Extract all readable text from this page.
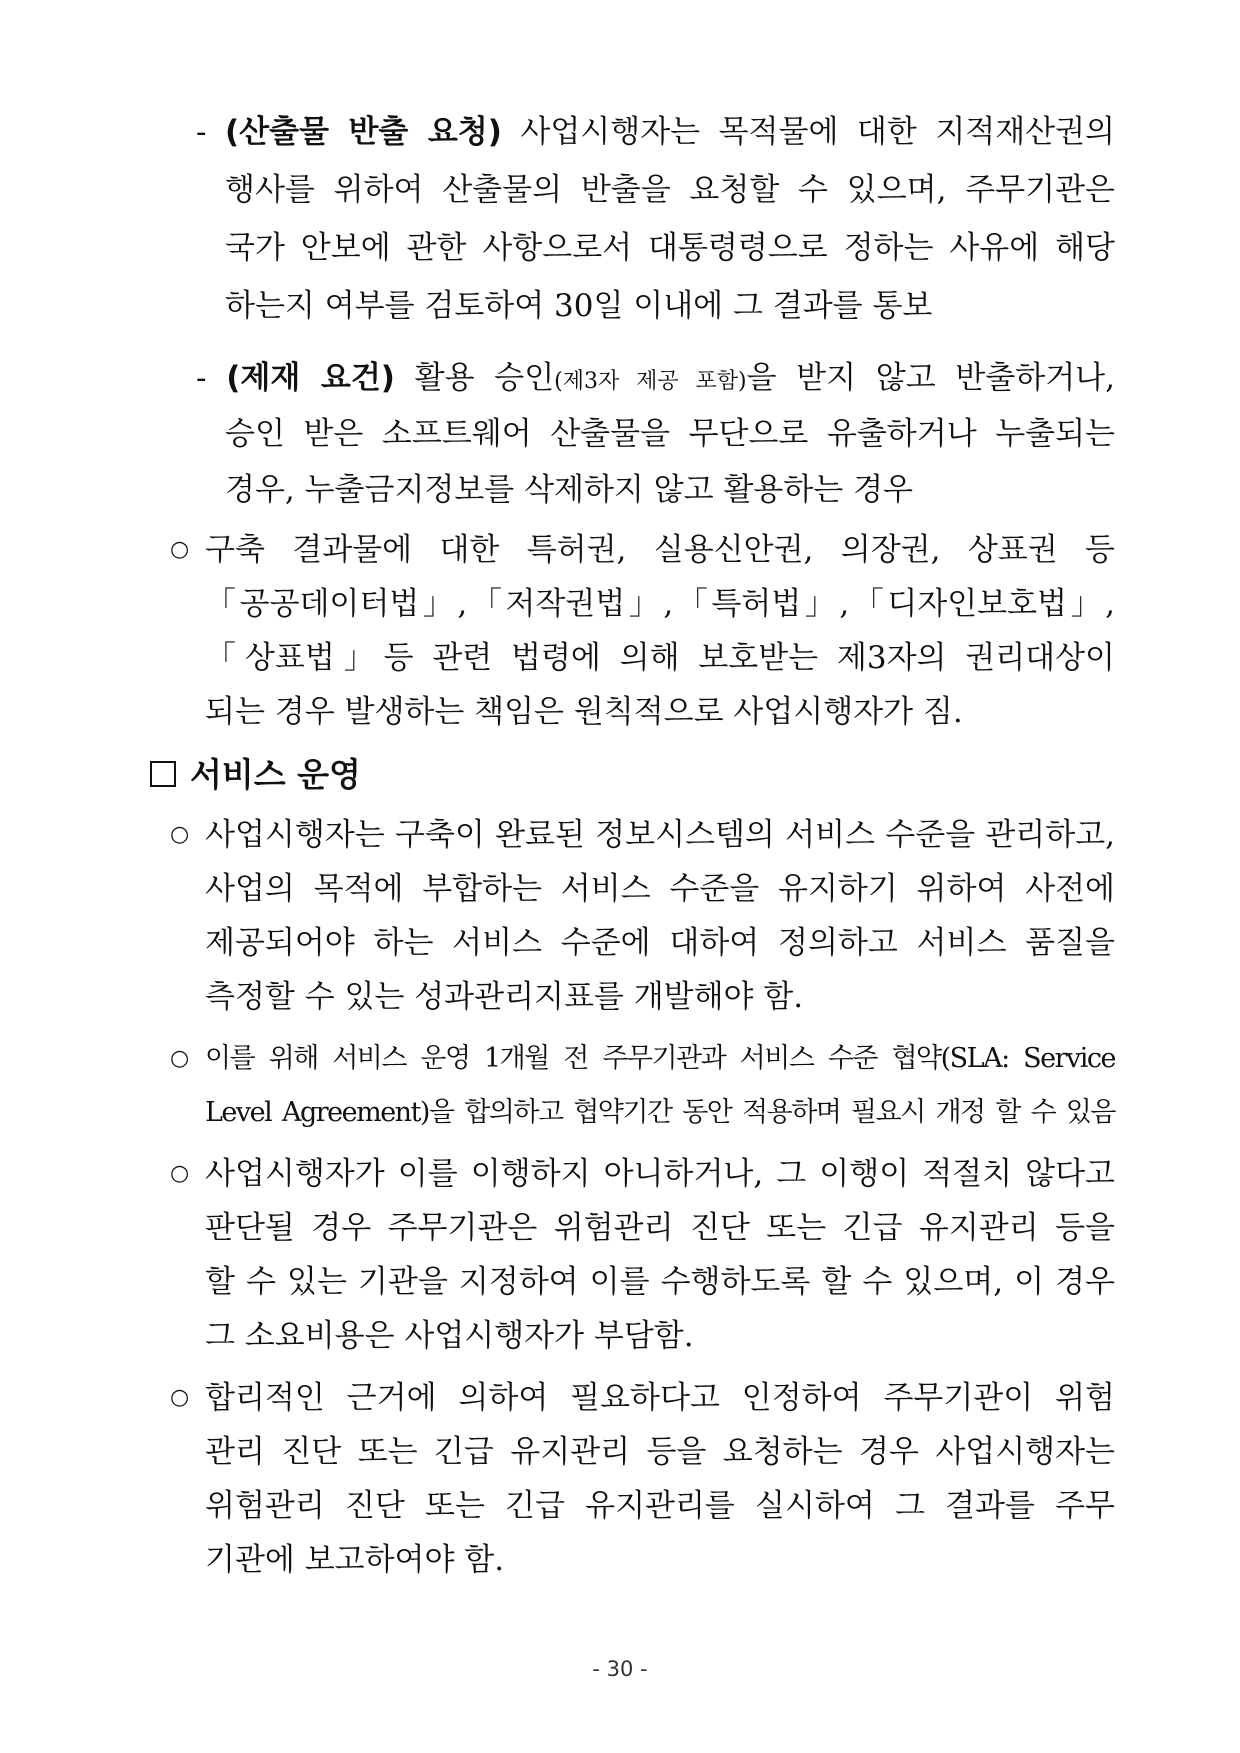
- (산출물 반출 요청) 사업시행자는 목적물에 대한 지적재산권의
행사를 위하여 산출물의 반출을 요청할 수 있으며, 주무기관은
국가 안보에 관한 사항으로서 대통령령으로 정하는 사유에 해당
하는지 여부를 검토하여 30일 이내에 그 결과를 통보
- (제재 요건) 활용 승인(제3자 제공 포함)을 받지 않고 반출하거나,
승인 받은 소프트웨어 산출물을 무단으로 유출하거나 누출되는
경우, 누출금지정보를 삭제하지 않고 활용하는 경우
○ 구축 결과물에 대한 특허권, 실용신안권, 의장권, 상표권 등
「공공데이터법」,「저작권법」,「특허법」,「디자인보호법」,
「상표법」등 관련 법령에 의해 보호받는 제3자의 권리대상이
되는 경우 발생하는 책임은 원칙적으로 사업시행자가 짐.
서비스 운영
○ 사업시행자는 구축이 완료된 정보시스템의 서비스 수준을 관리하고,
사업의 목적에 부합하는 서비스 수준을 유지하기 위하여 사전에
제공되어야 하는 서비스 수준에 대하여 정의하고 서비스 품질을
측정할 수 있는 성과관리지표를 개발해야 함.
○ 이를 위해 서비스 운영 1개월 전 주무기관과 서비스 수준 협약(SLA: Service
Level Agreement)을 합의하고 협약기간 동안 적용하며 필요시 개정 할 수 있음
○ 사업시행자가 이를 이행하지 아니하거나, 그 이행이 적절치 않다고
판단될 경우 주무기관은 위험관리 진단 또는 긴급 유지관리 등을
할 수 있는 기관을 지정하여 이를 수행하도록 할 수 있으며, 이 경우
그 소요비용은 사업시행자가 부담함.
○ 합리적인 근거에 의하여 필요하다고 인정하여 주무기관이 위험
관리 진단 또는 긴급 유지관리 등을 요청하는 경우 사업시행자는
위험관리 진단 또는 긴급 유지관리를 실시하여 그 결과를 주무
기관에 보고하여야 함.
- 30 -
